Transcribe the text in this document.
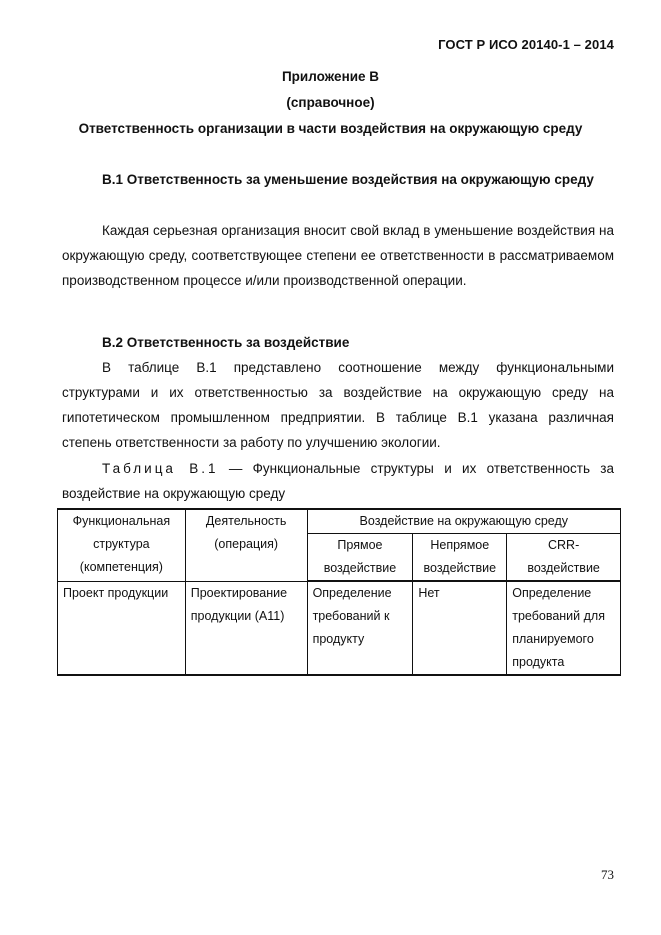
ГОСТ Р ИСО 20140-1 – 2014
Приложение В
(справочное)
Ответственность организации в части воздействия на окружающую среду
В.1 Ответственность за уменьшение воздействия на окружающую среду
Каждая серьезная организация вносит свой вклад в уменьшение воздействия на окружающую среду, соответствующее степени ее ответственности в рассматриваемом производственном процессе и/или производственной операции.
В.2 Ответственность за воздействие
В таблице В.1 представлено соотношение между функциональными структурами и их ответственностью за воздействие на окружающую среду на гипотетическом промышленном предприятии. В таблице В.1 указана различная степень ответственности за работу по улучшению экологии.
Таблица В.1 — Функциональные структуры и их ответственность за воздействие на окружающую среду
Функциональная структура (компетенция)	Деятельность (операция)	Воздействие на окружающую среду		
		Прямое воздействие	Непрямое воздействие	CRR-воздействие
Проект продукции	Проектирование продукции (А11)	Определение требований к продукту	Нет	Определение требований для планируемого продукта
73
